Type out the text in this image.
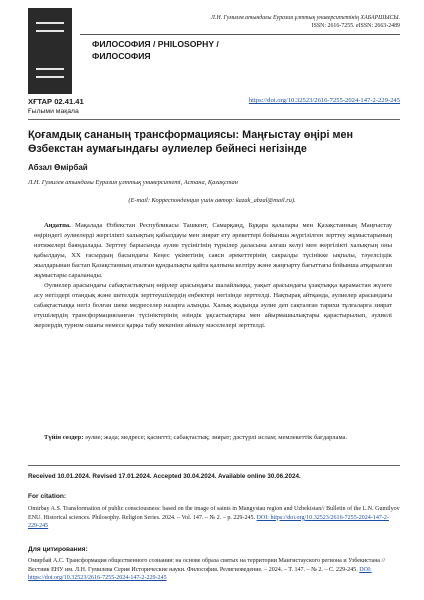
Л.Н. Гумилев атындағы Еуразия ұлттық университетінің ХАБАРШЫСЫ.
ISSN: 2616-7255. eISSN: 2663-2489
ФИЛОСОФИЯ / PHILOSOPHY /
ФИЛОСОФИЯ
ХҒТАР 02.41.41	https://doi.org/10.32523/2616-7255-2024-147-2-229-245
Ғылыми мақала
Қоғамдық сананың трансформациясы: Маңғыстау өңірі мен Өзбекстан аумағындағы әулиелер бейнесі негізінде
Абзал Өмірбай
Л.Н. Гумилев атындағы Еуразия ұлттық университеті, Астана, Қазақстан
(E-mail: Корреспонденция үшін автор: kazak_abzal@mail.ru).

Аңдатпа. Мақалада Өзбекстан Республикасы Ташкент, Самарқанд, Бұқара қалалары мен Қазақстанның Маңғыстау өңіріндегі әулиелерді жергілікті халықтың қабылдауы мен зиярат ету әрекеттері бойынша жүргізілген зерттеу жұмыстарының нәтижелері баяндалады. Зерттеу барысында әулие түсінігінің түркілер даласына алғаш келуі мен жергілікті халықтың оны қабылдауы, XX ғасырдың басындағы Кеңес үкіметінің саяси әрекеттерінің сакралды түсінікке ықпалы, тәуелсіздік жылдарынан бастап Қазақстанның аталған құндылықты қайта қалпына келтіру және жаңғырту бағыттағы бойынша атқарылған жұмыстары сараланады.

Әулиелер арасындағы сабақтастықтың өңірлер арасындағы шалайлыққа, уақыт арасындағы ұзақтыққа қарамастан жүзеге асу негіздері отандық және шетелдік зерттеушілердің еңбектері негізінде зерттелді. Нақтырақ айтқанда, әулиелер арасындағы сабақтастыққа негіз болған шеке медреселер назарға алынды. Халық жадында әулие деп сақталған тарихи тұлғаларға зиярат етушілердің трансформацияланған түсініктерінің өзіндік ұқсастықтары мен айырмашылықтары қарастырылып, әулиелі жерлердің туризм ошағы немесе қарқы табу мекеніне айналу мәселелері зерттелді.

Түйін сөздер: әулие; жада; медресе; қасиетті; сабақтастық; зиярат; дәстүрлі ислам; мемлекеттік бағдарлама.
Received 10.01.2024. Revised 17.01.2024. Accepted 30.04.2024. Available online 30.06.2024.
For citation:
Omirbay A.S. Transformation of public consciousness: based on the image of saints in Mangystau region and Uzbekistan// Bulletin of the L.N. Gumilyov ENU. Historical sciences. Philosophy. Religion Series. 2024. – Vol. 147. – № 2. – p. 229-245. DOI: https://doi.org/10.32523/2616-7255-2024-147-2-229-245
Для цитирования:
Омирбай А.С. Трансформация общественного сознания: на основе образа святых на территории Мангистауского региона и Узбекистана // Вестник ЕНУ им. Л.Н. Гумилева Серия Исторические науки. Философия. Религиоведение. – 2024. – Т. 147. – № 2. – С. 229-245. DOI: https://doi.org/10.32523/2616-7255-2024-147-2-229-245
